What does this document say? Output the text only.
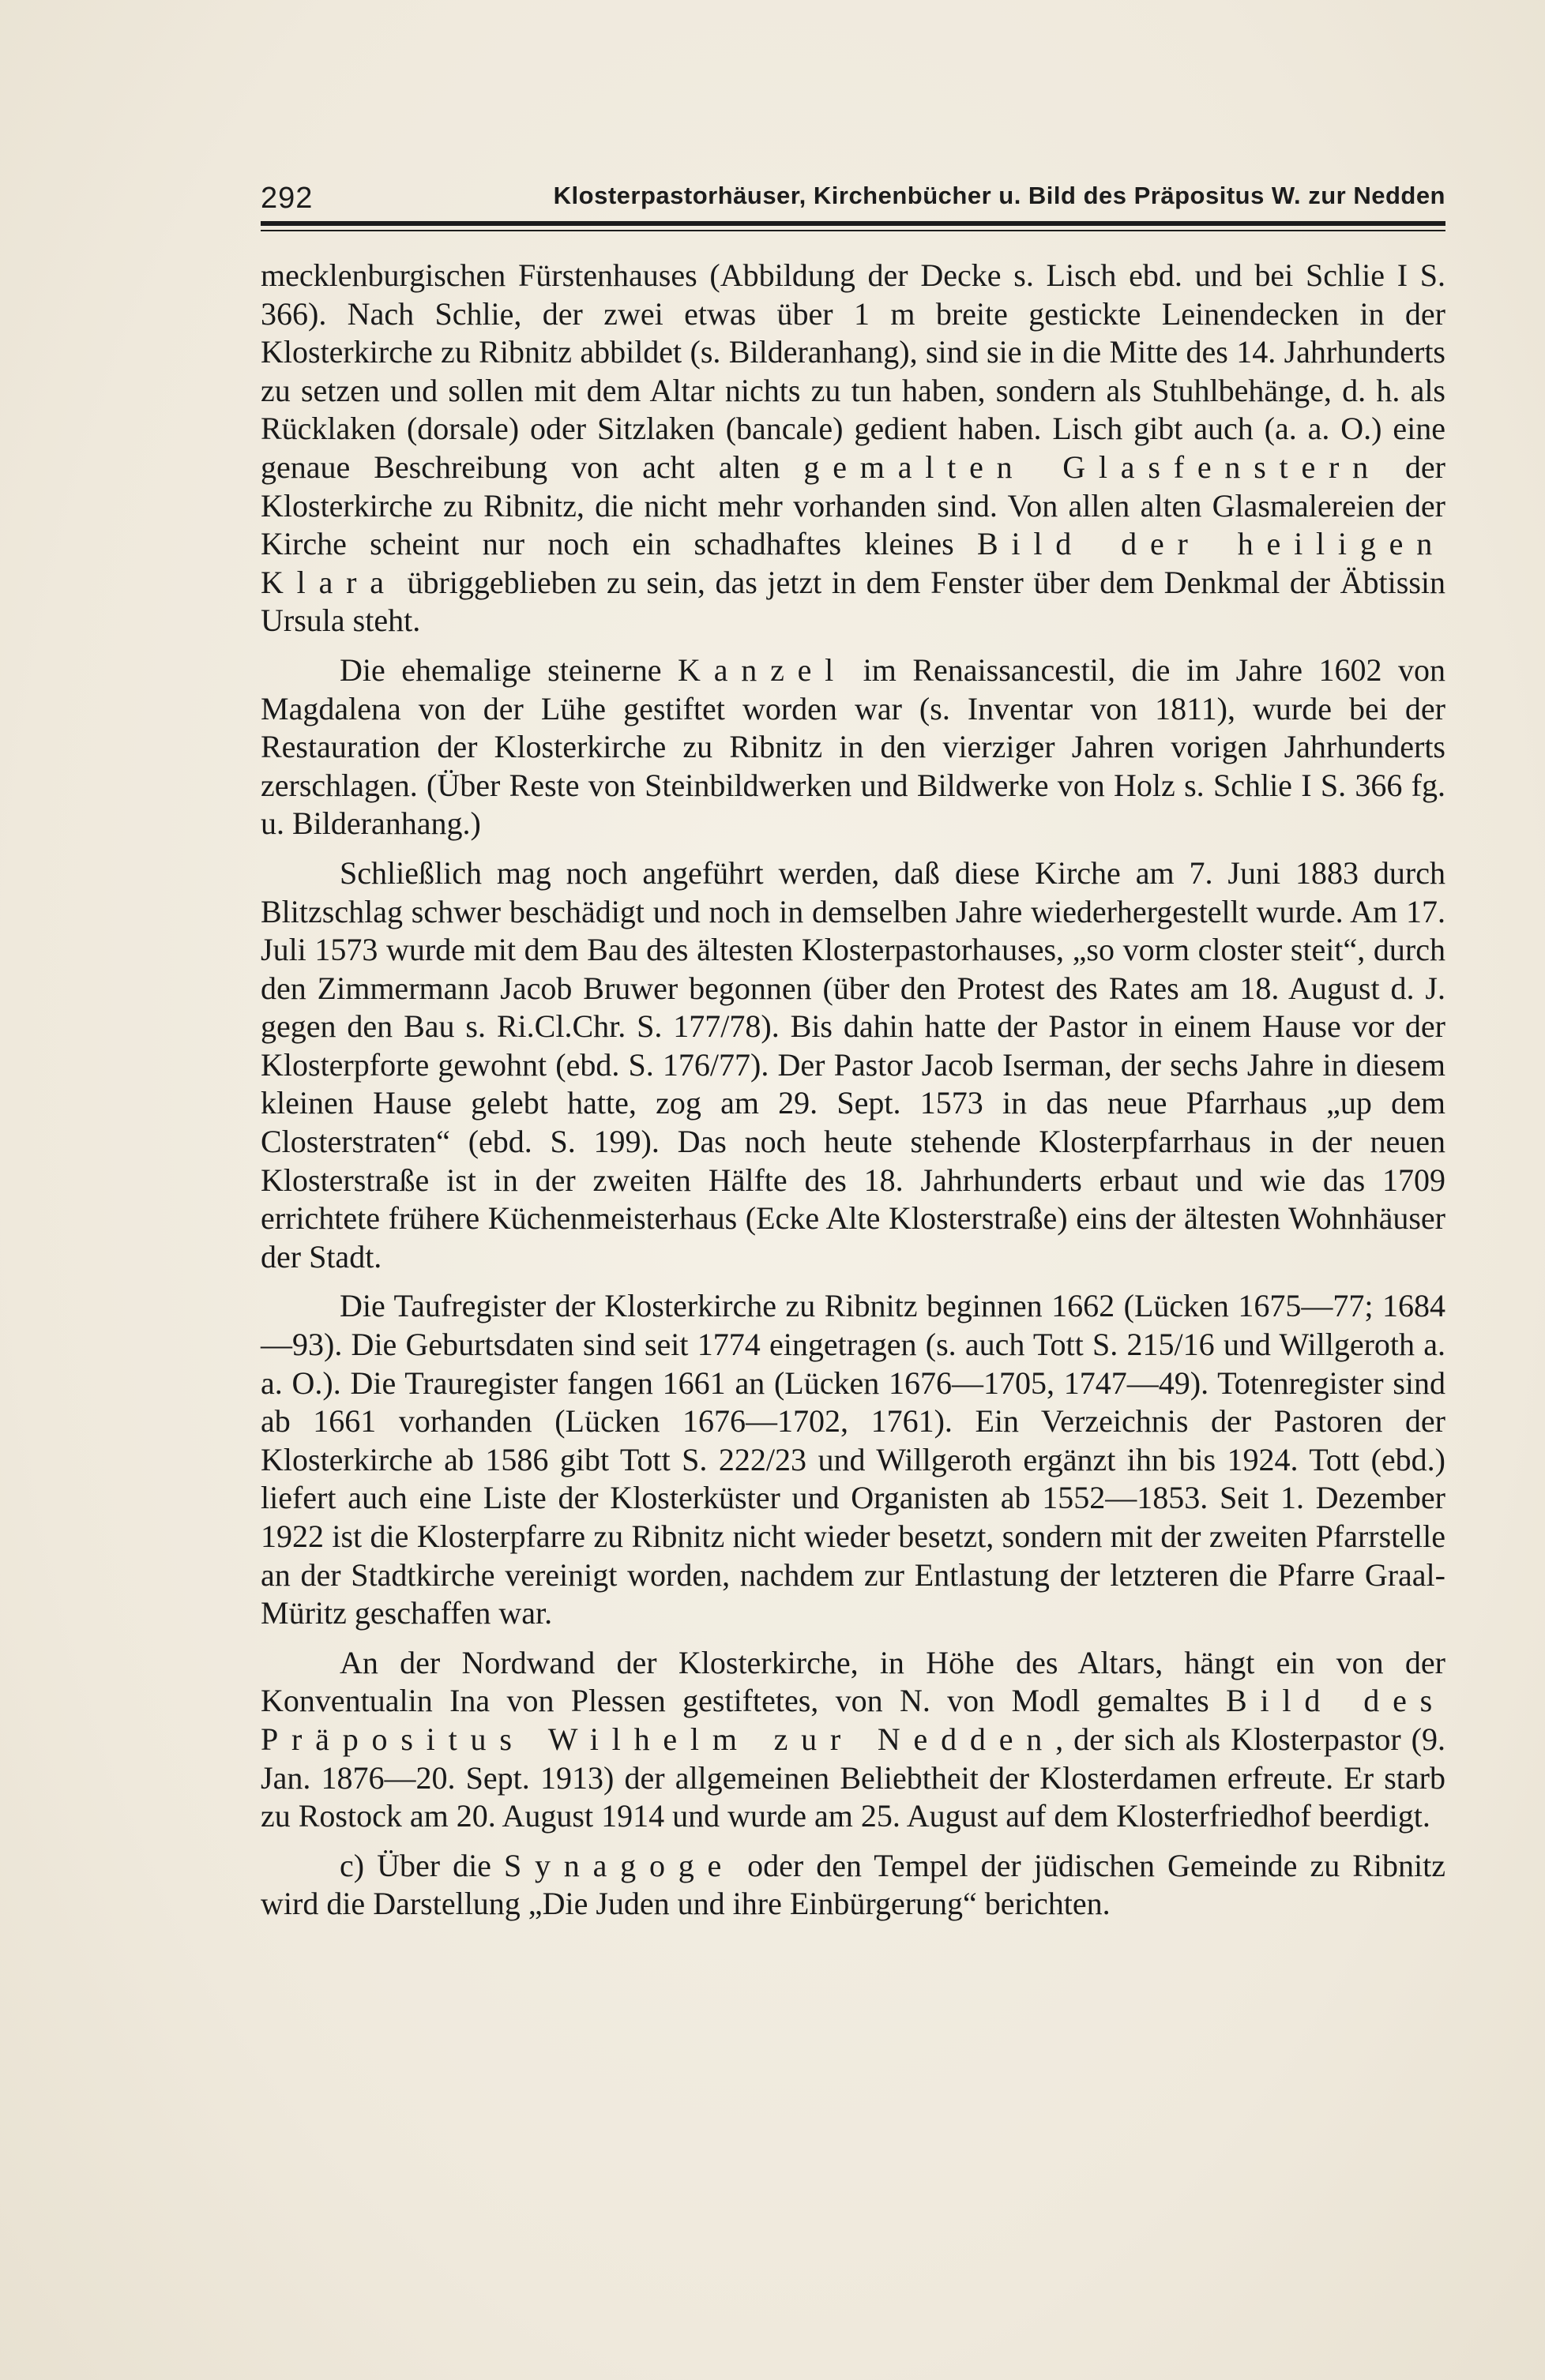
292	Klosterpastorhäuser, Kirchenbücher u. Bild des Präpositus W. zur Nedden

mecklenburgischen Fürstenhauses (Abbildung der Decke s. Lisch ebd. und bei Schlie I S. 366). Nach Schlie, der zwei etwas über 1 m breite gestickte Leinendecken in der Klosterkirche zu Ribnitz abbildet (s. Bilderanhang), sind sie in die Mitte des 14. Jahrhunderts zu setzen und sollen mit dem Altar nichts zu tun haben, sondern als Stuhlbehänge, d. h. als Rücklaken (dorsale) oder Sitzlaken (bancale) gedient haben. Lisch gibt auch (a. a. O.) eine genaue Beschreibung von acht alten gemalten Glasfenstern der Klosterkirche zu Ribnitz, die nicht mehr vorhanden sind. Von allen alten Glasmalereien der Kirche scheint nur noch ein schadhaftes kleines Bild der heiligen Klara übriggeblieben zu sein, das jetzt in dem Fenster über dem Denkmal der Äbtissin Ursula steht.

Die ehemalige steinerne Kanzel im Renaissancestil, die im Jahre 1602 von Magdalena von der Lühe gestiftet worden war (s. Inventar von 1811), wurde bei der Restauration der Klosterkirche zu Ribnitz in den vierziger Jahren vorigen Jahrhunderts zerschlagen. (Über Reste von Steinbildwerken und Bildwerke von Holz s. Schlie I S. 366 fg. u. Bilderanhang.)

Schließlich mag noch angeführt werden, daß diese Kirche am 7. Juni 1883 durch Blitzschlag schwer beschädigt und noch in demselben Jahre wiederhergestellt wurde. Am 17. Juli 1573 wurde mit dem Bau des ältesten Klosterpastorhauses, „so vorm closter steit“, durch den Zimmermann Jacob Bruwer begonnen (über den Protest des Rates am 18. August d. J. gegen den Bau s. Ri.Cl.Chr. S. 177/78). Bis dahin hatte der Pastor in einem Hause vor der Klosterpforte gewohnt (ebd. S. 176/77). Der Pastor Jacob Iserman, der sechs Jahre in diesem kleinen Hause gelebt hatte, zog am 29. Sept. 1573 in das neue Pfarrhaus „up dem Closterstraten“ (ebd. S. 199). Das noch heute stehende Klosterpfarrhaus in der neuen Klosterstraße ist in der zweiten Hälfte des 18. Jahrhunderts erbaut und wie das 1709 errichtete frühere Küchenmeisterhaus (Ecke Alte Klosterstraße) eins der ältesten Wohnhäuser der Stadt.

Die Taufregister der Klosterkirche zu Ribnitz beginnen 1662 (Lücken 1675—77; 1684—93). Die Geburtsdaten sind seit 1774 eingetragen (s. auch Tott S. 215/16 und Willgeroth a. a. O.). Die Trauregister fangen 1661 an (Lücken 1676—1705, 1747—49). Totenregister sind ab 1661 vorhanden (Lücken 1676—1702, 1761). Ein Verzeichnis der Pastoren der Klosterkirche ab 1586 gibt Tott S. 222/23 und Willgeroth ergänzt ihn bis 1924. Tott (ebd.) liefert auch eine Liste der Klosterküster und Organisten ab 1552—1853. Seit 1. Dezember 1922 ist die Klosterpfarre zu Ribnitz nicht wieder besetzt, sondern mit der zweiten Pfarrstelle an der Stadtkirche vereinigt worden, nachdem zur Entlastung der letzteren die Pfarre Graal-Müritz geschaffen war.

An der Nordwand der Klosterkirche, in Höhe des Altars, hängt ein von der Konventualin Ina von Plessen gestiftetes, von N. von Modl gemaltes Bild des Präpositus Wilhelm zur Nedden, der sich als Klosterpastor (9. Jan. 1876—20. Sept. 1913) der allgemeinen Beliebtheit der Klosterdamen erfreute. Er starb zu Rostock am 20. August 1914 und wurde am 25. August auf dem Klosterfriedhof beerdigt.

c) Über die Synagoge oder den Tempel der jüdischen Gemeinde zu Ribnitz wird die Darstellung „Die Juden und ihre Einbürgerung“ berichten.
